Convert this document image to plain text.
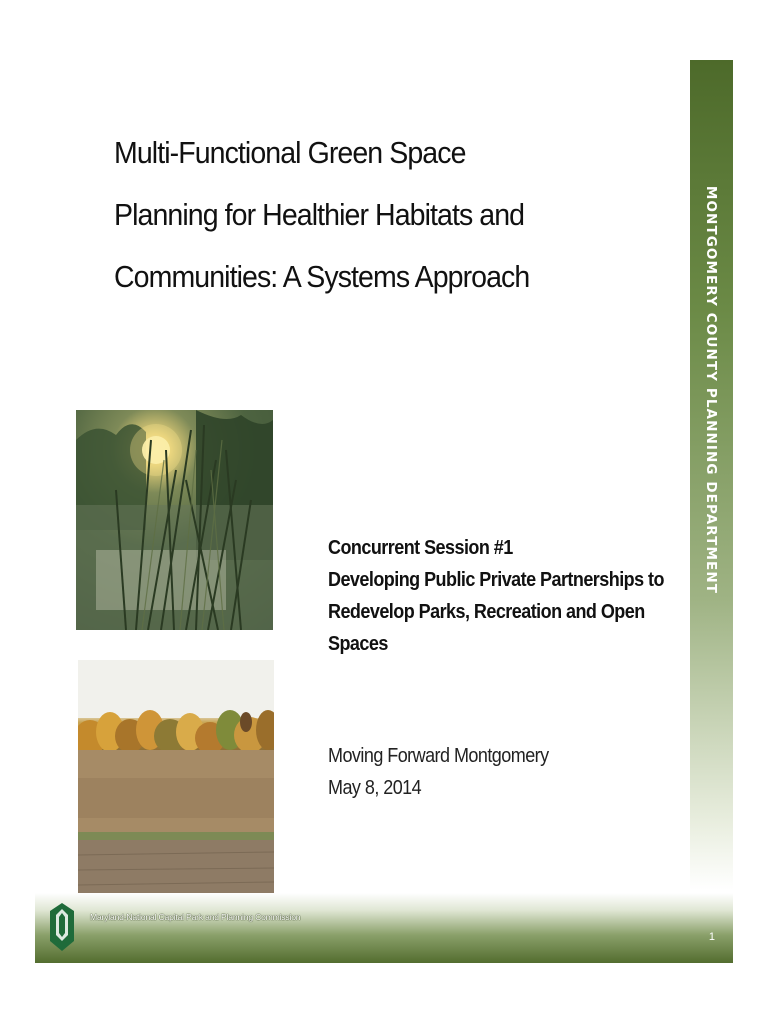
Multi-Functional Green Space
Planning for Healthier Habitats and
Communities: A Systems Approach	MONTGOMERY COUNTY PLANNING DEPARTMENT
Concurrent Session #1
Developing Public Private Partnerships to
Redevelop Parks, Recreation and Open
Spaces
Moving Forward Montgomery
May 8, 2014
Maryland-National Capital Park and Planning Commission
1
